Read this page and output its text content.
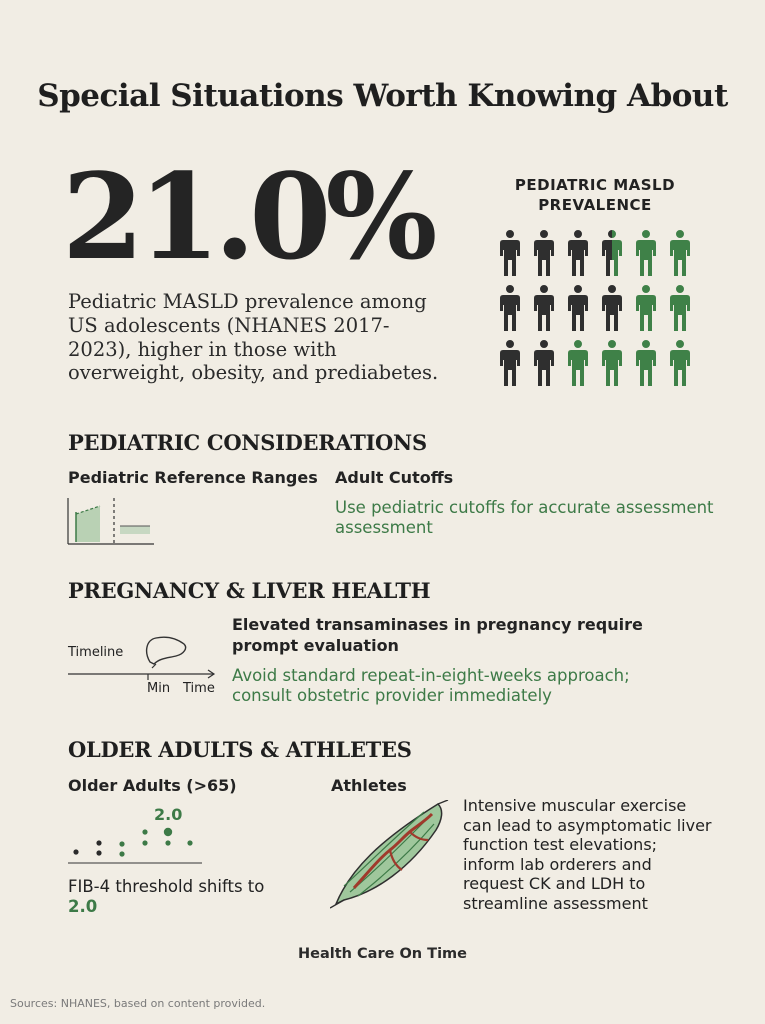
Special Situations Worth Knowing About
21.0%
Pediatric MASLD prevalence among US adolescents (NHANES 2017-2023), higher in those with overweight, obesity, and prediabetes.
PEDIATRIC MASLD PREVALENCE
PEDIATRIC CONSIDERATIONS
Pediatric Reference Ranges Adult Cutoffs
Use pediatric cutoffs for accurate assessment assessment
PREGNANCY & LIVER HEALTH
Timeline
Min Time
Elevated transaminases in pregnancy require prompt evaluation
Avoid standard repeat-in-eight-weeks approach; consult obstetric provider immediately
OLDER ADULTS & ATHLETES
Older Adults (>65)	Athletes
2.0
FIB-4 threshold shifts to 2.0
Intensive muscular exercise can lead to asymptomatic liver function test elevations; inform lab orderers and request CK and LDH to streamline assessment
Health Care On Time
Sources: NHANES, based on content provided.
